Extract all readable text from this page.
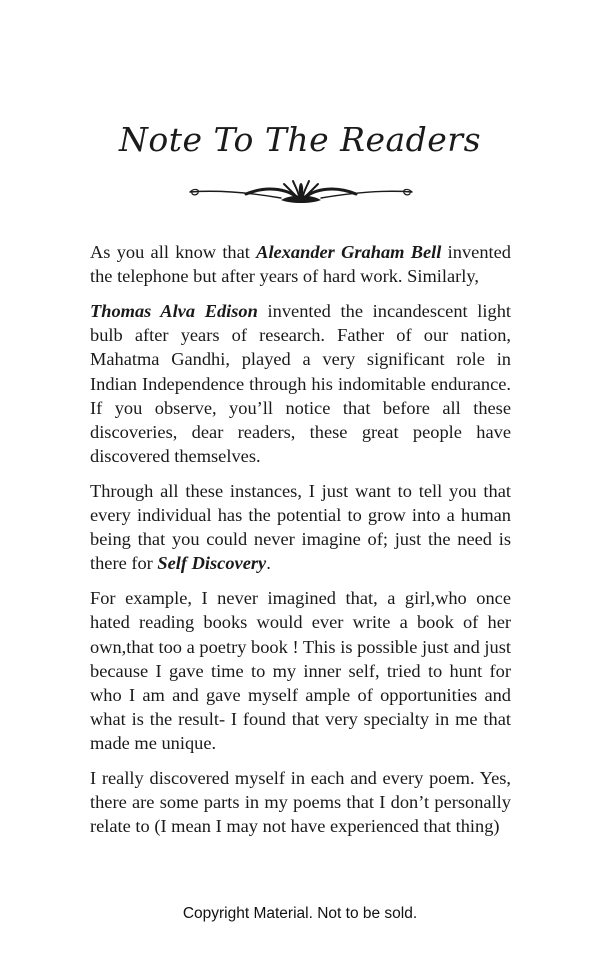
Note To The Readers

As you all know that Alexander Graham Bell invented the telephone but after years of hard work. Similarly,

Thomas Alva Edison invented the incandescent light bulb after years of research. Father of our nation, Mahatma Gandhi, played a very significant role in Indian Independence through his indomitable endurance. If you observe, you’ll notice that before all these discoveries, dear readers, these great people have discovered themselves.

Through all these instances, I just want to tell you that every individual has the potential to grow into a human being that you could never imagine of; just the need is there for Self Discovery.

For example, I never imagined that, a girl,who once hated reading books would ever write a book of her own,that too a poetry book ! This is possible just and just because I gave time to my inner self, tried to hunt for who I am and gave myself ample of opportunities and what is the result- I found that very specialty in me that made me unique.

I really discovered myself in each and every poem. Yes, there are some parts in my poems that I don’t personally relate to (I mean I may not have experienced that thing)

Copyright Material. Not to be sold.
